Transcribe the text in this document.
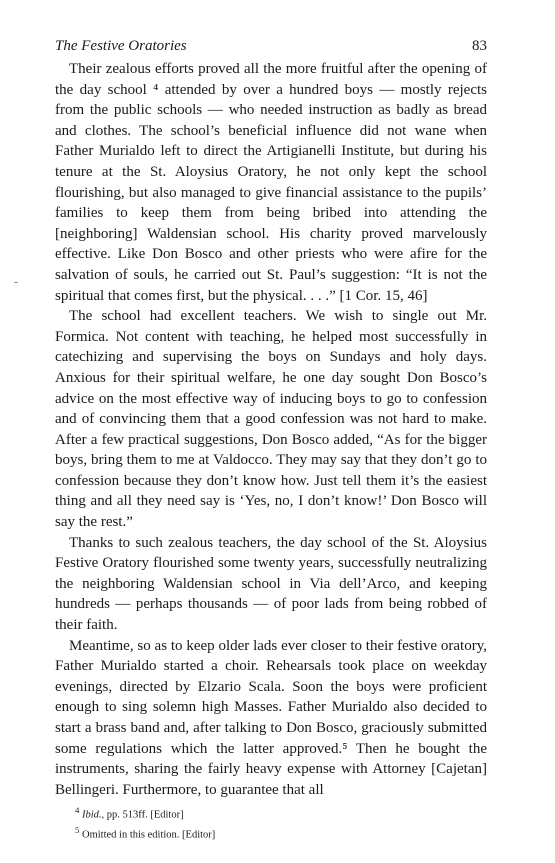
The Festive Oratories	83

Their zealous efforts proved all the more fruitful after the opening of the day school ⁴ attended by over a hundred boys — mostly rejects from the public schools — who needed instruction as badly as bread and clothes. The school’s beneficial influence did not wane when Father Murialdo left to direct the Artigianelli Institute, but during his tenure at the St. Aloysius Oratory, he not only kept the school flourishing, but also managed to give financial assistance to the pupils’ families to keep them from being bribed into attending the [neighboring] Waldensian school. His charity proved marvelously effective. Like Don Bosco and other priests who were afire for the salvation of souls, he carried out St. Paul’s suggestion: “It is not the spiritual that comes first, but the physical. . . .” [1 Cor. 15, 46]

The school had excellent teachers. We wish to single out Mr. Formica. Not content with teaching, he helped most successfully in catechizing and supervising the boys on Sundays and holy days. Anxious for their spiritual welfare, he one day sought Don Bosco’s advice on the most effective way of inducing boys to go to confession and of convincing them that a good confession was not hard to make. After a few practical suggestions, Don Bosco added, “As for the bigger boys, bring them to me at Valdocco. They may say that they don’t go to confession because they don’t know how. Just tell them it’s the easiest thing and all they need say is ‘Yes, no, I don’t know!’ Don Bosco will say the rest.”

Thanks to such zealous teachers, the day school of the St. Aloysius Festive Oratory flourished some twenty years, successfully neutralizing the neighboring Waldensian school in Via dell’Arco, and keeping hundreds — perhaps thousands — of poor lads from being robbed of their faith.

Meantime, so as to keep older lads ever closer to their festive oratory, Father Murialdo started a choir. Rehearsals took place on weekday evenings, directed by Elzario Scala. Soon the boys were proficient enough to sing solemn high Masses. Father Murialdo also decided to start a brass band and, after talking to Don Bosco, graciously submitted some regulations which the latter approved.⁵ Then he bought the instruments, sharing the fairly heavy expense with Attorney [Cajetan] Bellingeri. Furthermore, to guarantee that all

$^4$ Ibid., pp. 513ff. [Editor]
$^5$ Omitted in this edition. [Editor]
